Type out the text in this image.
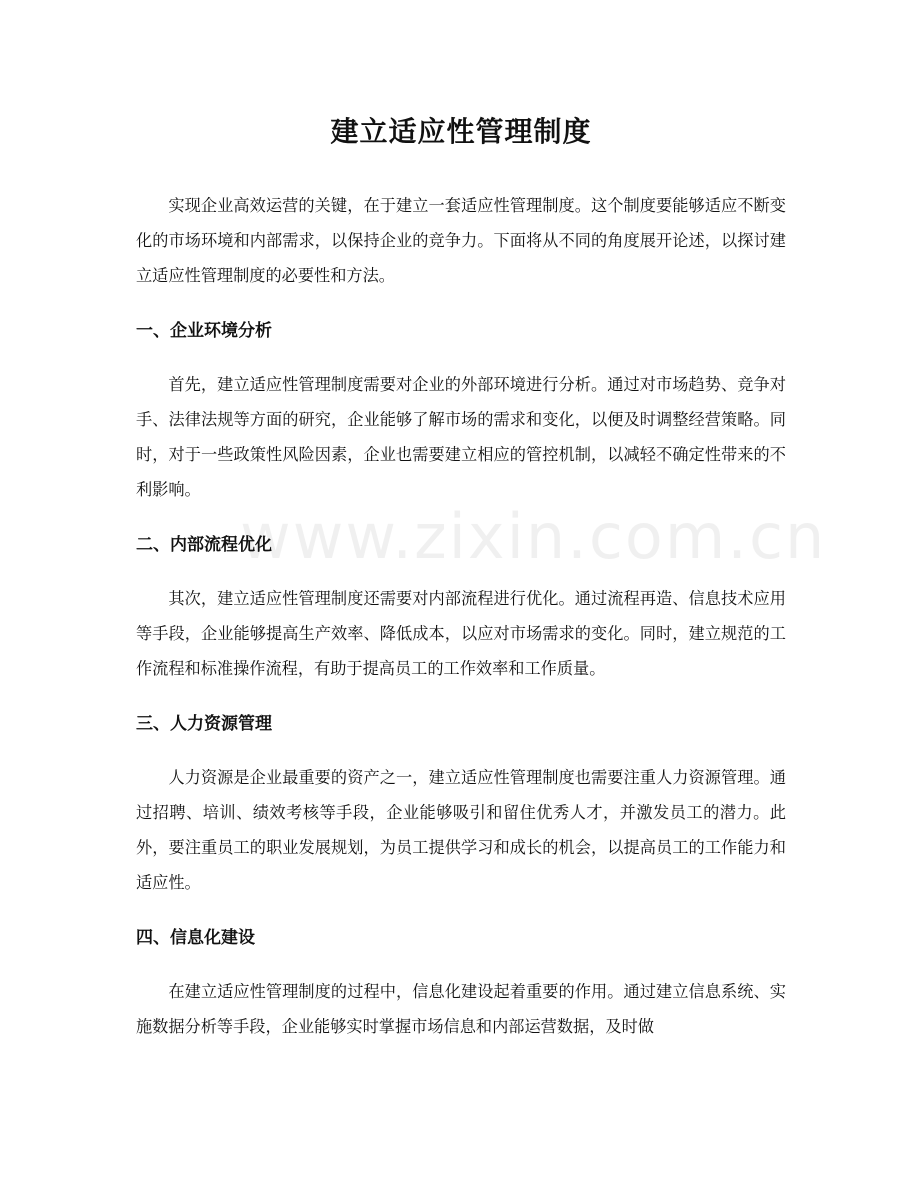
www.zixin.com.cn
建立适应性管理制度

实现企业高效运营的关键，在于建立一套适应性管理制度。这个制度要能够适应不断变化的市场环境和内部需求，以保持企业的竞争力。下面将从不同的角度展开论述，以探讨建立适应性管理制度的必要性和方法。

一、企业环境分析

首先，建立适应性管理制度需要对企业的外部环境进行分析。通过对市场趋势、竞争对手、法律法规等方面的研究，企业能够了解市场的需求和变化，以便及时调整经营策略。同时，对于一些政策性风险因素，企业也需要建立相应的管控机制，以减轻不确定性带来的不利影响。

二、内部流程优化

其次，建立适应性管理制度还需要对内部流程进行优化。通过流程再造、信息技术应用等手段，企业能够提高生产效率、降低成本，以应对市场需求的变化。同时，建立规范的工作流程和标准操作流程，有助于提高员工的工作效率和工作质量。

三、人力资源管理

人力资源是企业最重要的资产之一，建立适应性管理制度也需要注重人力资源管理。通过招聘、培训、绩效考核等手段，企业能够吸引和留住优秀人才，并激发员工的潜力。此外，要注重员工的职业发展规划，为员工提供学习和成长的机会，以提高员工的工作能力和适应性。

四、信息化建设

在建立适应性管理制度的过程中，信息化建设起着重要的作用。通过建立信息系统、实施数据分析等手段，企业能够实时掌握市场信息和内部运营数据，及时做
